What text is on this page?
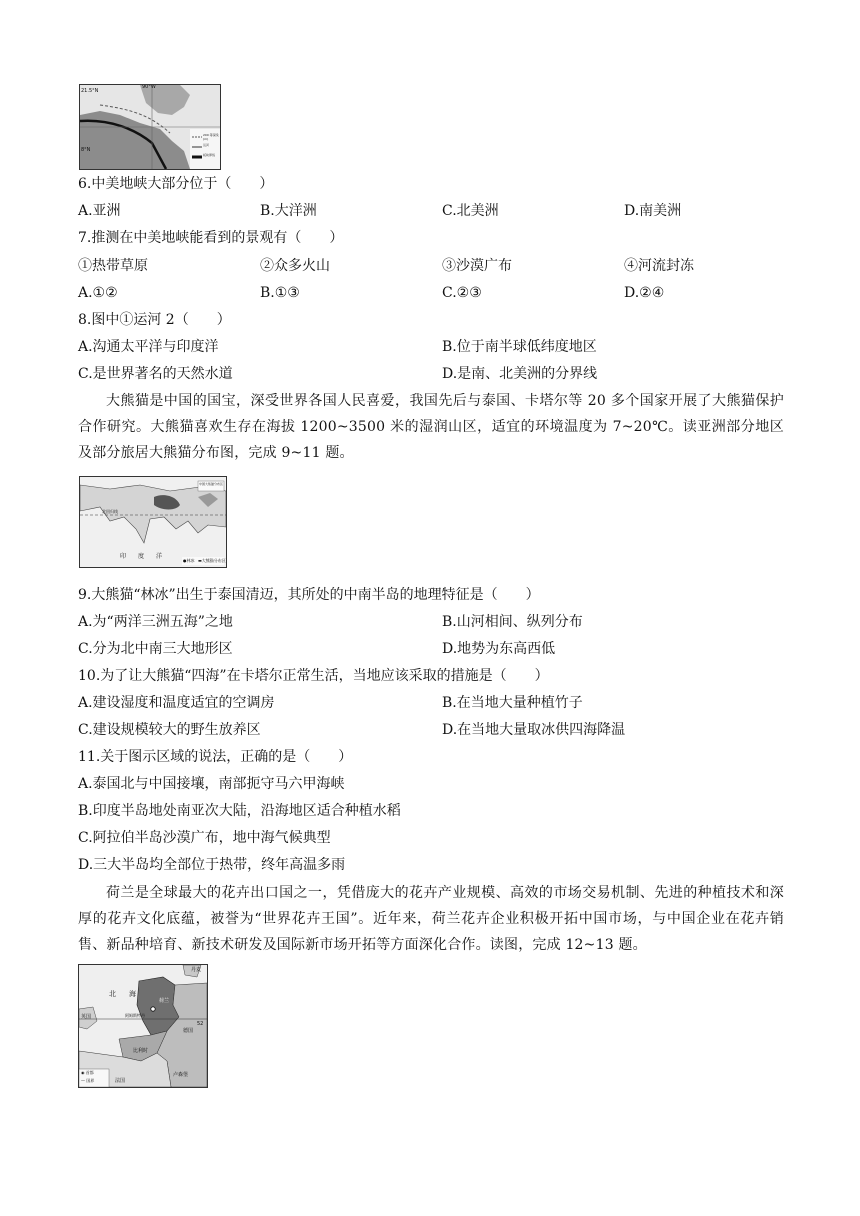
90°W
21.5°N
8°N
200 等深线(m)
运河
板块界线
6.中美地峡大部分位于（　　）
A.亚洲	B.大洋洲	C.北美洲	D.南美洲
7.推测在中美地峡能看到的景观有（　　）
①热带草原	②众多火山	③沙漠广布	④河流封冻
A.①②	B.①③	C.②③	D.②④
8.图中①运河 2（　　）
A.沟通太平洋与印度洋	B.位于南半球低纬度地区
C.是世界著名的天然水道	D.是南、北美洲的分界线
大熊猫是中国的国宝，深受世界各国人民喜爱，我国先后与泰国、卡塔尔等 20 多个国家开展了大熊猫保护合作研究。大熊猫喜欢生存在海拔 1200~3500 米的湿润山区，适宜的环境温度为 7~20℃。读亚洲部分地区及部分旅居大熊猫分布图，完成 9~11 题。
中国大熊猫分布区
印 度 洋
北回归线
●林冰 ▬大熊猫分布区
9.大熊猫“林冰”出生于泰国清迈，其所处的中南半岛的地理特征是（　　）
A.为“两洋三洲五海”之地	B.山河相间、纵列分布
C.分为北中南三大地形区	D.地势为东高西低
10.为了让大熊猫“四海”在卡塔尔正常生活，当地应该采取的措施是（　　）
A.建设湿度和温度适宜的空调房	B.在当地大量种植竹子
C.建设规模较大的野生放养区	D.在当地大量取冰供四海降温
11.关于图示区域的说法，正确的是（　　）
A.泰国北与中国接壤，南部扼守马六甲海峡
B.印度半岛地处南亚次大陆，沿海地区适合种植水稻
C.阿拉伯半岛沙漠广布，地中海气候典型
D.三大半岛均全部位于热带，终年高温多雨
荷兰是全球最大的花卉出口国之一，凭借庞大的花卉产业规模、高效的市场交易机制、先进的种植技术和深厚的花卉文化底蕴，被誉为“世界花卉王国”。近年来，荷兰花卉企业积极开拓中国市场，与中国企业在花卉销售、新品种培育、新技术研发及国际新市场开拓等方面深化合作。读图，完成 12~13 题。
丹麦
北 海
英国
荷兰
阿姆斯特丹
德国
比利时
法国
卢森堡
52
◉ 首都
— 国界
